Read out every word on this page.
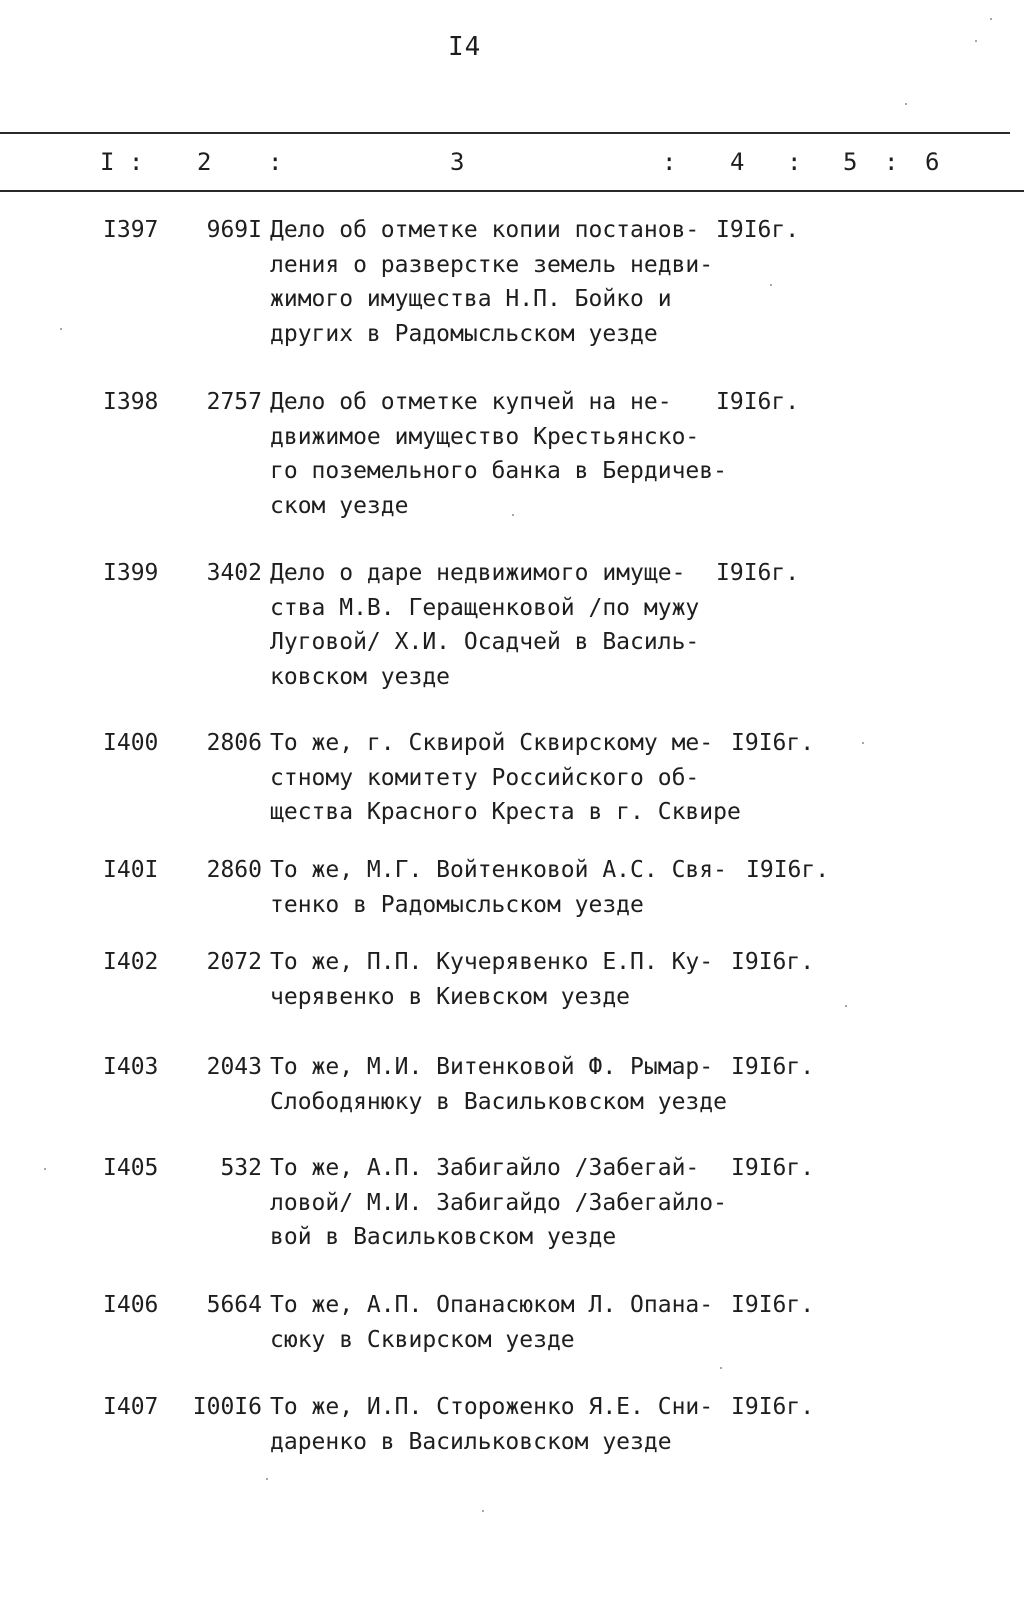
I4
I : 2 :	3	: 4 : 5 : 6
I397	969I Дело об отметке копии постанов-
ления о разверстке земель недви-
жимого имущества Н.П. Бойко и
других в Радомысльском уезде
I9I6г.
I398	2757 Дело об отметке купчей на не-
движимое имущество Крестьянско-
го поземельного банка в Бердичев-
ском уезде
I9I6г.
I399	3402 Дело о даре недвижимого имуще-
ства М.В. Геращенковой /по мужу
Луговой/ Х.И. Осадчей в Василь-
ковском уезде
I9I6г.
I400	2806 То же, г. Сквирой Сквирскому ме-
стному комитету Российского об-
щества Красного Креста в г. Сквире
I9I6г.
I40I	2860 То же, М.Г. Войтенковой А.С. Свя-
тенко в Радомысльском уезде
I9I6г.
I402	2072 То же, П.П. Кучерявенко Е.П. Ку-
черявенко в Киевском уезде
I9I6г.
I403	2043 То же, М.И. Витенковой Ф. Рымар-
Слободянюку в Васильковском уезде
I9I6г.
I405	532 То же, А.П. Забигайло /Забегай-
ловой/ М.И. Забигайдо /Забегайло-
вой в Васильковском уезде
I9I6г.
I406	5664 То же, А.П. Опанасюком Л. Опана-
сюку в Сквирском уезде
I9I6г.
I407	I00I6 То же, И.П. Стороженко Я.Е. Сни-
даренко в Васильковском уезде
I9I6г.
